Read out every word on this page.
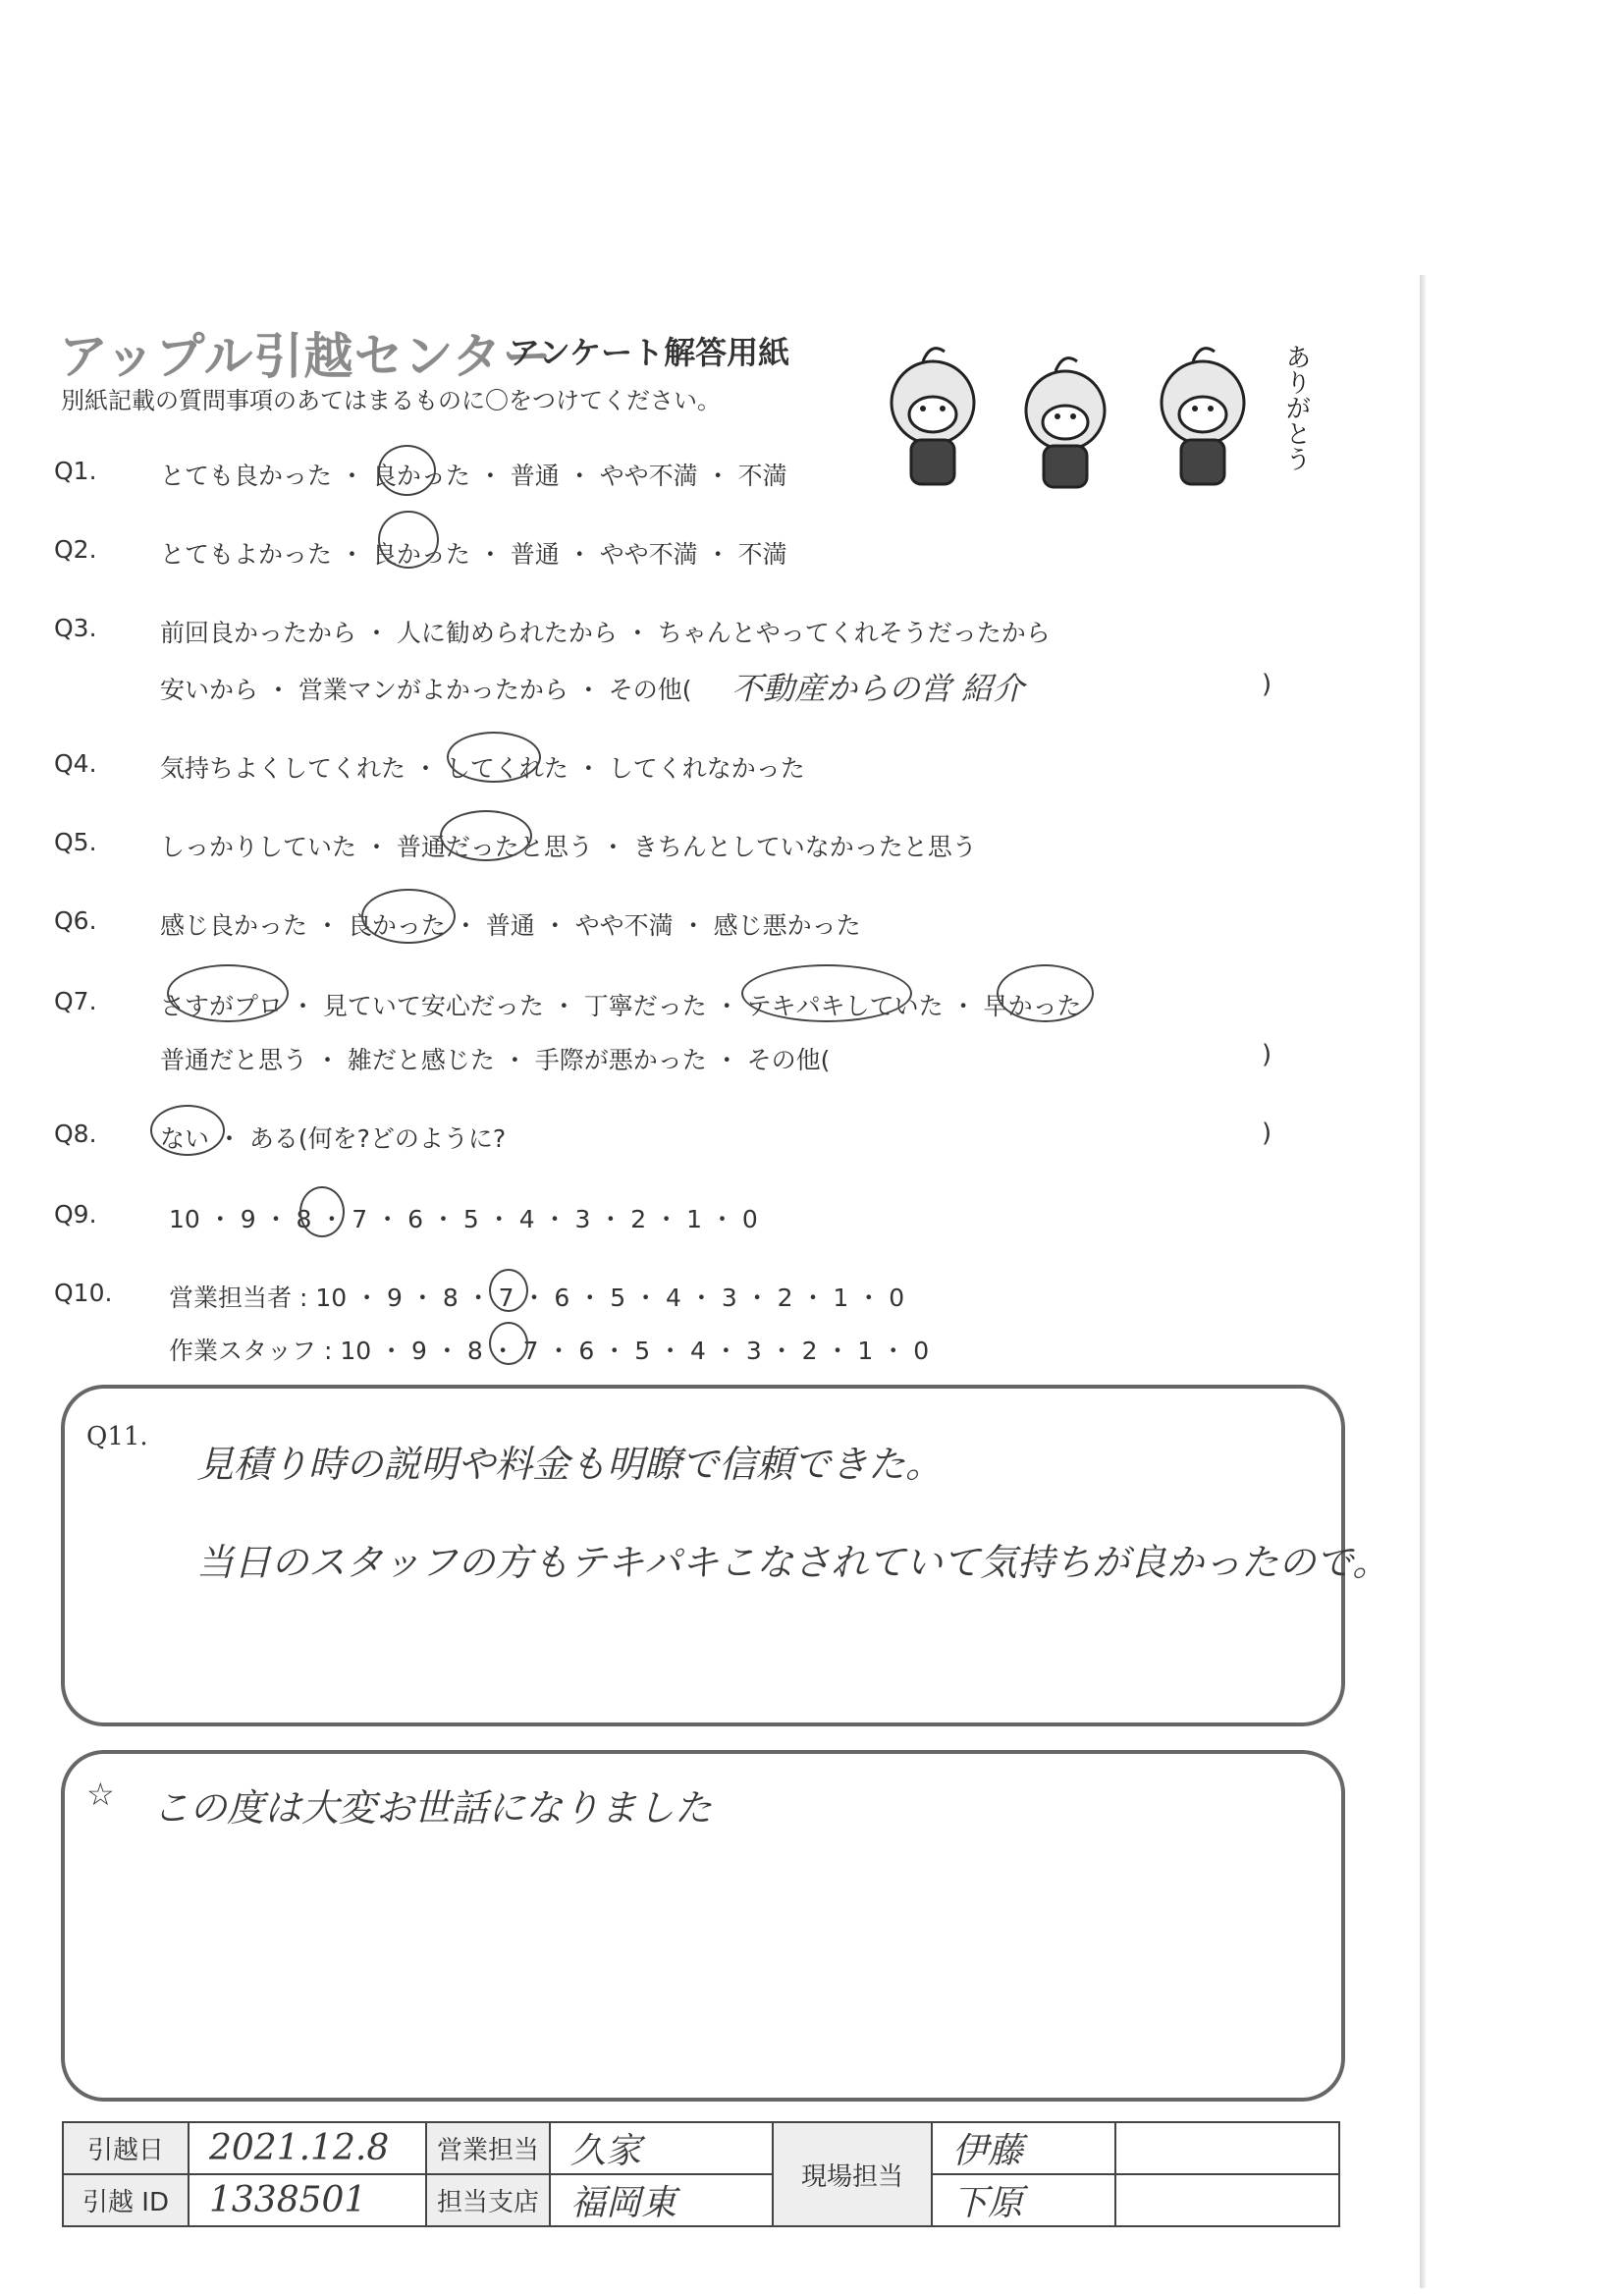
アップル引越センター
アンケート解答用紙
別紙記載の質問事項のあてはまるものに〇をつけてください。	ありがとう
Q1.	とても良かった ・ 良かった ・ 普通 ・ やや不満 ・ 不満
Q2.	とてもよかった ・ 良かった ・ 普通 ・ やや不満 ・ 不満
Q3.	前回良かったから ・ 人に勧められたから ・ ちゃんとやってくれそうだったから
安いから ・ 営業マンがよかったから ・ その他(	)
不動産からの営 紹介
Q4.	気持ちよくしてくれた ・ してくれた ・ してくれなかった
Q5.	しっかりしていた ・ 普通だったと思う ・ きちんとしていなかったと思う
Q6.	感じ良かった ・ 良かった ・ 普通 ・ やや不満 ・ 感じ悪かった
Q7.	さすがプロ ・ 見ていて安心だった ・ 丁寧だった ・ テキパキしていた ・ 早かった
普通だと思う ・ 雑だと感じた ・ 手際が悪かった ・ その他(	)
Q8.	ない ・ ある(何を?どのように?	)
Q9.	10 ・ 9 ・ 8 ・ 7 ・ 6 ・ 5 ・ 4 ・ 3 ・ 2 ・ 1 ・ 0
Q10. 営業担当者 : 10 ・ 9 ・ 8 ・ 7 ・ 6 ・ 5 ・ 4 ・ 3 ・ 2 ・ 1 ・ 0
作業スタッフ : 10 ・ 9 ・ 8 ・ 7 ・ 6 ・ 5 ・ 4 ・ 3 ・ 2 ・ 1 ・ 0
Q11.
見積り時の説明や料金も明瞭で信頼できた。
当日のスタッフの方もテキパキこなされていて気持ちが良かったので。
☆ この度は大変お世話になりました
引越日	2021.12.8	営業担当	久家	現場担当	伊藤	
引越 ID	1338501	担当支店	福岡東		下原	
